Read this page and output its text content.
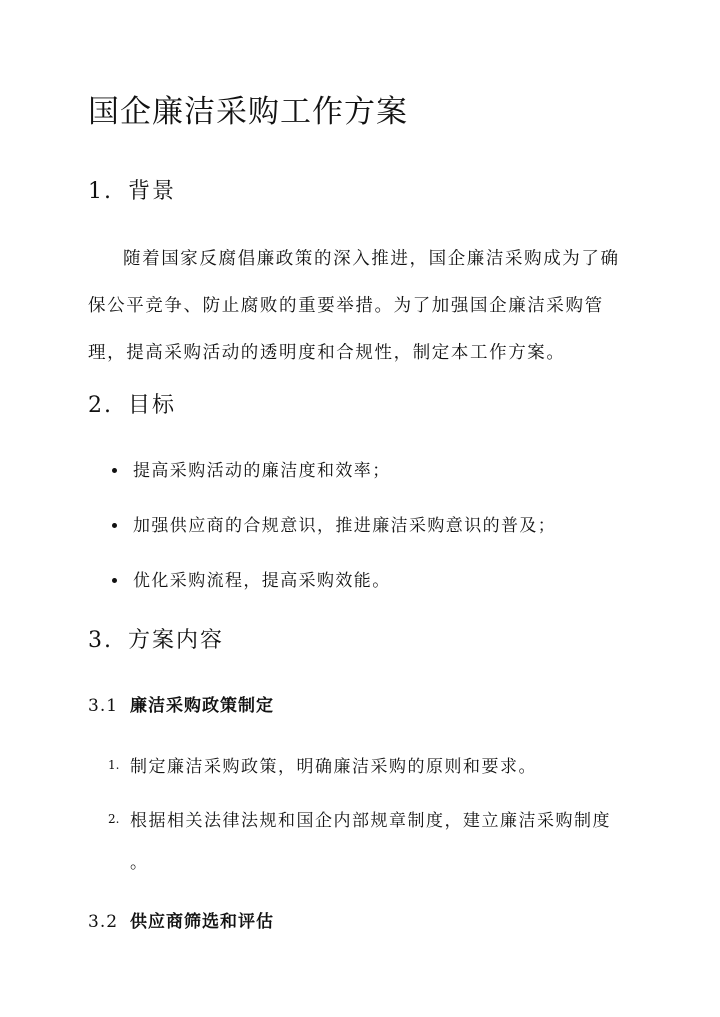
国企廉洁采购工作方案
1. 背景
随着国家反腐倡廉政策的深入推进，国企廉洁采购成为了确保公平竞争、防止腐败的重要举措。为了加强国企廉洁采购管理，提高采购活动的透明度和合规性，制定本工作方案。
2. 目标
提高采购活动的廉洁度和效率；
加强供应商的合规意识，推进廉洁采购意识的普及；
优化采购流程，提高采购效能。
3. 方案内容
3.1 廉洁采购政策制定
1. 制定廉洁采购政策，明确廉洁采购的原则和要求。
2. 根据相关法律法规和国企内部规章制度，建立廉洁采购制度
。
3.2 供应商筛选和评估
